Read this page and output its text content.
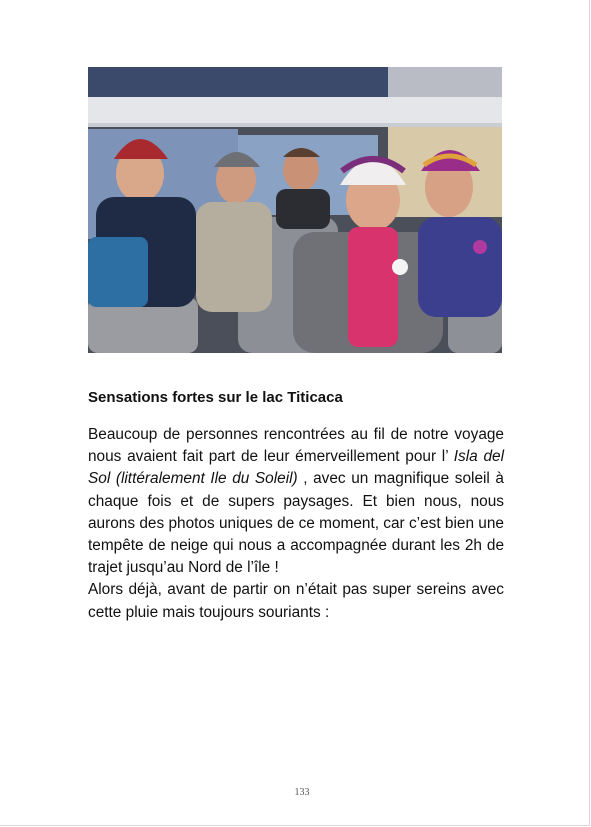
Sensations fortes sur le lac Titicaca

Beaucoup de personnes rencontrées au fil de notre voyage nous avaient fait part de leur émerveillement pour l’ Isla del Sol (littéralement Ile du Soleil) , avec un magnifique soleil à chaque fois et de supers paysages. Et bien nous, nous aurons des photos uniques de ce moment, car c’est bien une tempête de neige qui nous a accompagnée durant les 2h de trajet jusqu’au Nord de l’île !

Alors déjà, avant de partir on n’était pas super sereins avec cette pluie mais toujours souriants :

133
